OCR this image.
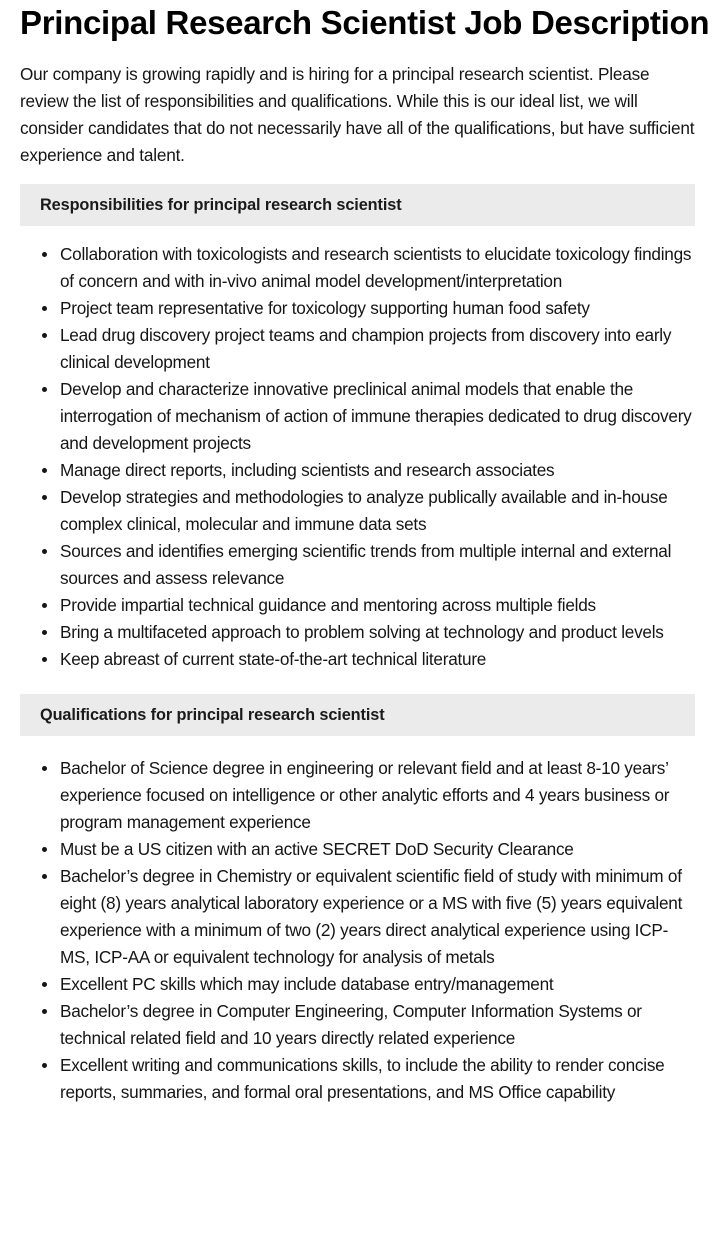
Principal Research Scientist Job Description

Our company is growing rapidly and is hiring for a principal research scientist. Please review the list of responsibilities and qualifications. While this is our ideal list, we will consider candidates that do not necessarily have all of the qualifications, but have sufficient experience and talent.

Responsibilities for principal research scientist
Collaboration with toxicologists and research scientists to elucidate toxicology findings of concern and with in-vivo animal model development/interpretation
Project team representative for toxicology supporting human food safety
Lead drug discovery project teams and champion projects from discovery into early clinical development
Develop and characterize innovative preclinical animal models that enable the interrogation of mechanism of action of immune therapies dedicated to drug discovery and development projects
Manage direct reports, including scientists and research associates
Develop strategies and methodologies to analyze publically available and in-house complex clinical, molecular and immune data sets
Sources and identifies emerging scientific trends from multiple internal and external sources and assess relevance
Provide impartial technical guidance and mentoring across multiple fields
Bring a multifaceted approach to problem solving at technology and product levels
Keep abreast of current state-of-the-art technical literature
Qualifications for principal research scientist
Bachelor of Science degree in engineering or relevant field and at least 8-10 years’ experience focused on intelligence or other analytic efforts and 4 years business or program management experience
Must be a US citizen with an active SECRET DoD Security Clearance
Bachelor’s degree in Chemistry or equivalent scientific field of study with minimum of eight (8) years analytical laboratory experience or a MS with five (5) years equivalent experience with a minimum of two (2) years direct analytical experience using ICP-MS, ICP-AA or equivalent technology for analysis of metals
Excellent PC skills which may include database entry/management
Bachelor’s degree in Computer Engineering, Computer Information Systems or technical related field and 10 years directly related experience
Excellent writing and communications skills, to include the ability to render concise reports, summaries, and formal oral presentations, and MS Office capability
